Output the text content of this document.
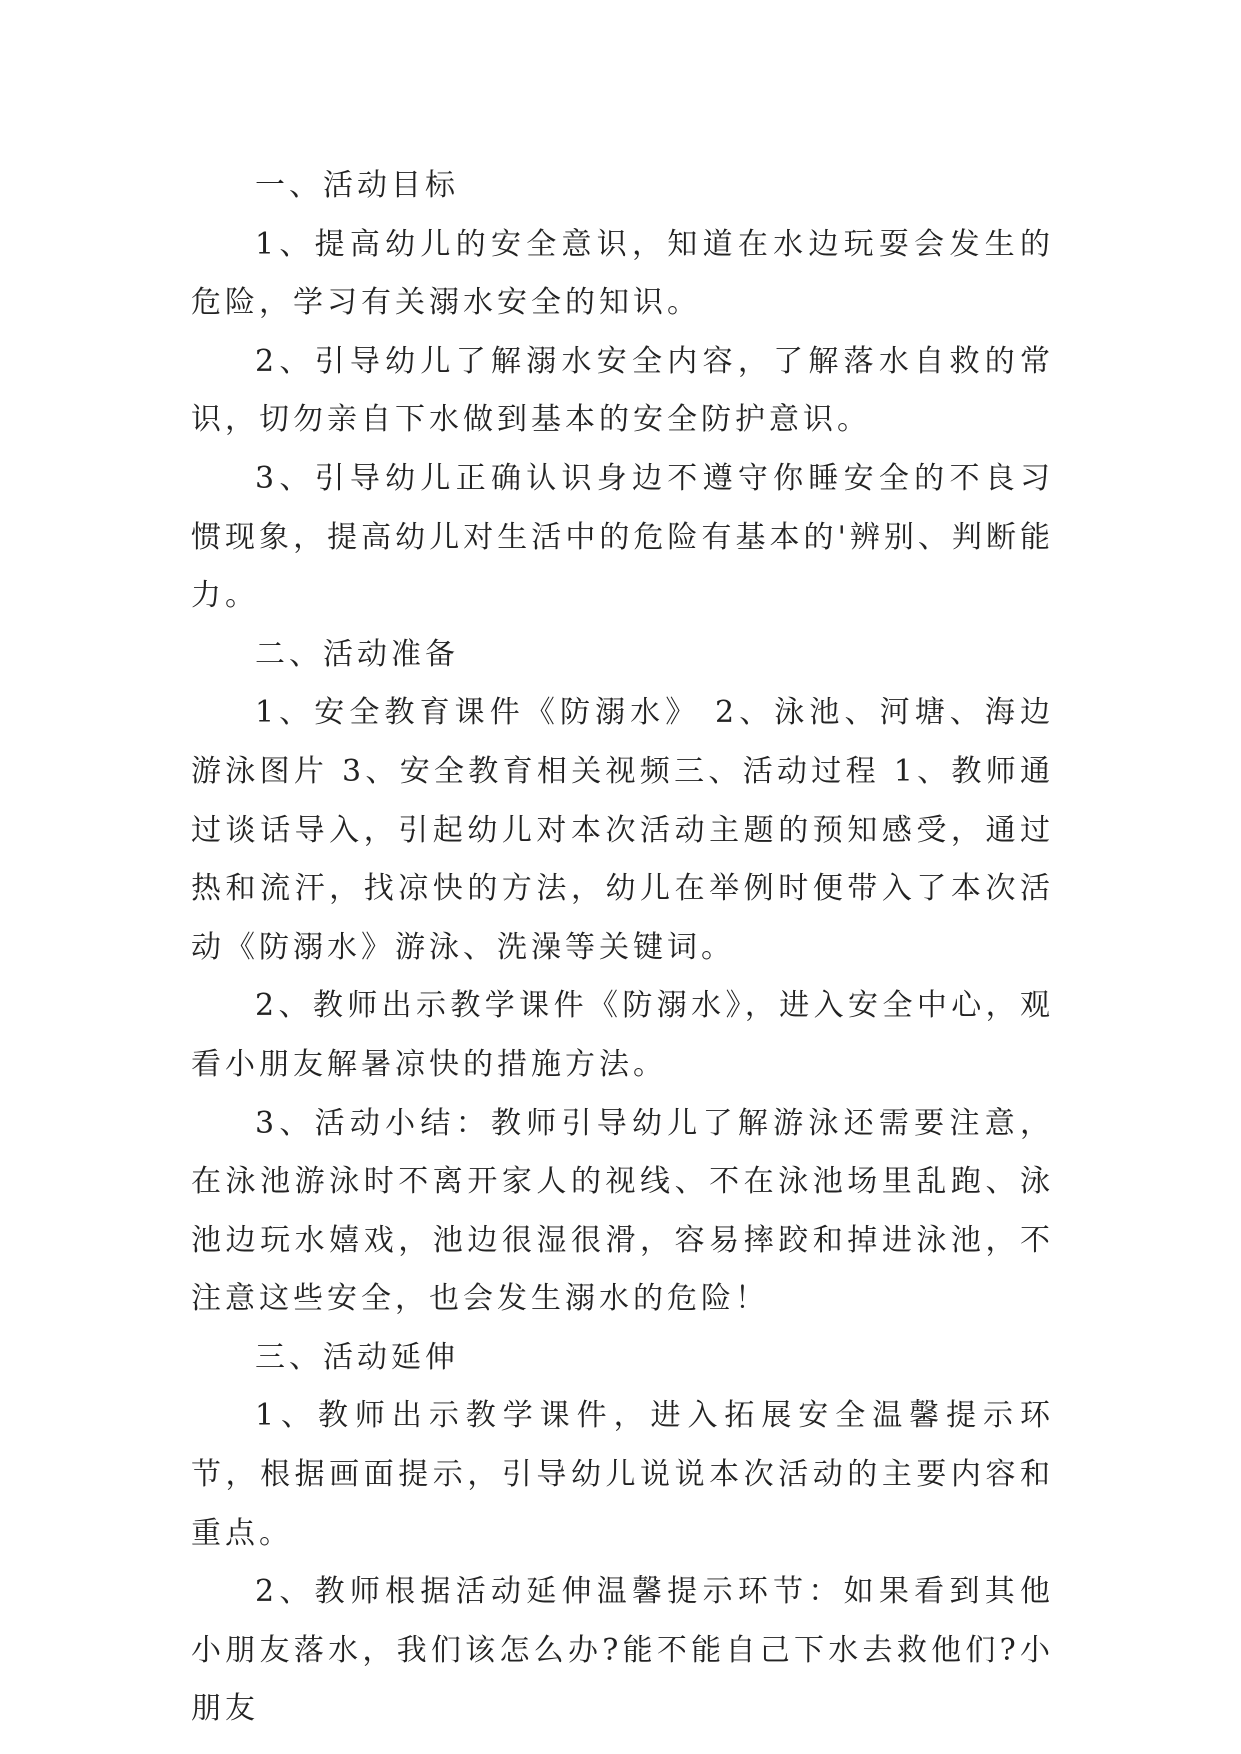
一、活动目标

1、提高幼儿的安全意识，知道在水边玩耍会发生的危险，学习有关溺水安全的知识。

2、引导幼儿了解溺水安全内容，了解落水自救的常识，切勿亲自下水做到基本的安全防护意识。

3、引导幼儿正确认识身边不遵守你睡安全的不良习惯现象，提高幼儿对生活中的危险有基本的'辨别、判断能力。

二、活动准备

1、安全教育课件《防溺水》 2、泳池、河塘、海边游泳图片 3、安全教育相关视频三、活动过程 1、教师通过谈话导入，引起幼儿对本次活动主题的预知感受，通过热和流汗，找凉快的方法，幼儿在举例时便带入了本次活动《防溺水》游泳、洗澡等关键词。

2、教师出示教学课件《防溺水》，进入安全中心，观看小朋友解暑凉快的措施方法。

3、活动小结：教师引导幼儿了解游泳还需要注意，在泳池游泳时不离开家人的视线、不在泳池场里乱跑、泳池边玩水嬉戏，池边很湿很滑，容易摔跤和掉进泳池，不注意这些安全，也会发生溺水的危险！

三、活动延伸

1、教师出示教学课件，进入拓展安全温馨提示环节，根据画面提示，引导幼儿说说本次活动的主要内容和重点。

2、教师根据活动延伸温馨提示环节：如果看到其他小朋友落水，我们该怎么办?能不能自己下水去救他们?小朋友
